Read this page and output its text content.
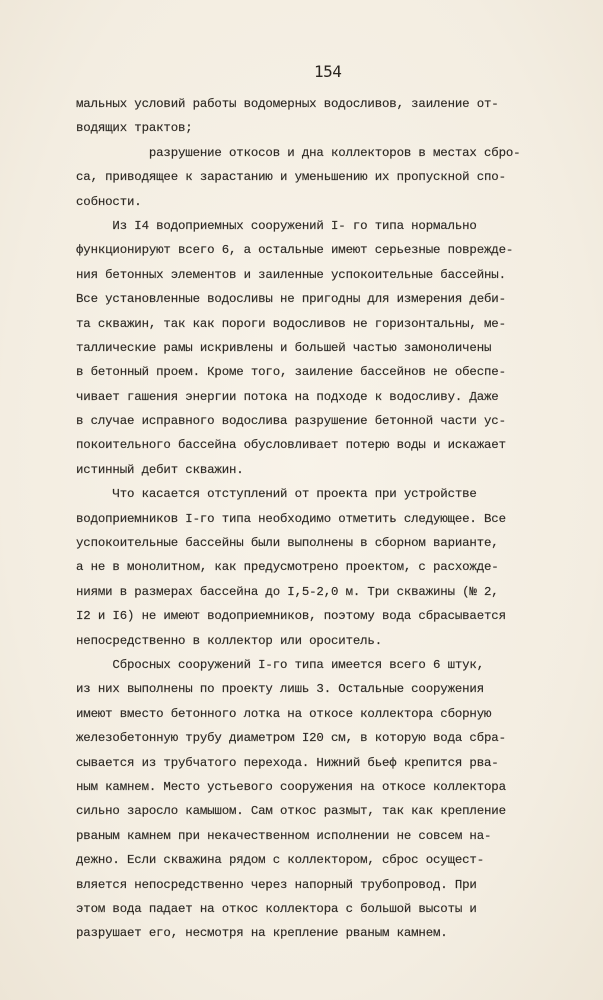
154
мальных условий работы водомерных водосливов, заиление от-
водящих трактов;
разрушение откосов и дна коллекторов в местах сбро-
са, приводящее к зарастанию и уменьшению их пропускной спо-
собности.
Из I4 водоприемных сооружений I- го типа нормально
функционируют всего 6, а остальные имеют серьезные поврежде-
ния бетонных элементов и заиленные успокоительные бассейны.
Все установленные водосливы не пригодны для измерения деби-
та скважин, так как пороги водосливов не горизонтальны, ме-
таллические рамы искривлены и большей частью замоноличены
в бетонный проем. Кроме того, заиление бассейнов не обеспе-
чивает гашения энергии потока на подходе к водосливу. Даже
в случае исправного водослива разрушение бетонной части ус-
покоительного бассейна обусловливает потерю воды и искажает
истинный дебит скважин.
Что касается отступлений от проекта при устройстве
водоприемников I-го типа необходимо отметить следующее. Все
успокоительные бассейны были выполнены в сборном варианте,
а не в монолитном, как предусмотрено проектом, с расхожде-
ниями в размерах бассейна до I,5-2,0 м. Три скважины (№ 2,
I2 и I6) не имеют водоприемников, поэтому вода сбрасывается
непосредственно в коллектор или ороситель.
Сбросных сооружений I-го типа имеется всего 6 штук,
из них выполнены по проекту лишь 3. Остальные сооружения
имеют вместо бетонного лотка на откосе коллектора сборную
железобетонную трубу диаметром I20 см, в которую вода сбра-
сывается из трубчатого перехода. Нижний бьеф крепится рва-
ным камнем. Место устьевого сооружения на откосе коллектора
сильно заросло камышом. Сам откос размыт, так как крепление
рваным камнем при некачественном исполнении не совсем на-
дежно. Если скважина рядом с коллектором, сброс осущест-
вляется непосредственно через напорный трубопровод. При
этом вода падает на откос коллектора с большой высоты и
разрушает его, несмотря на крепление рваным камнем.
